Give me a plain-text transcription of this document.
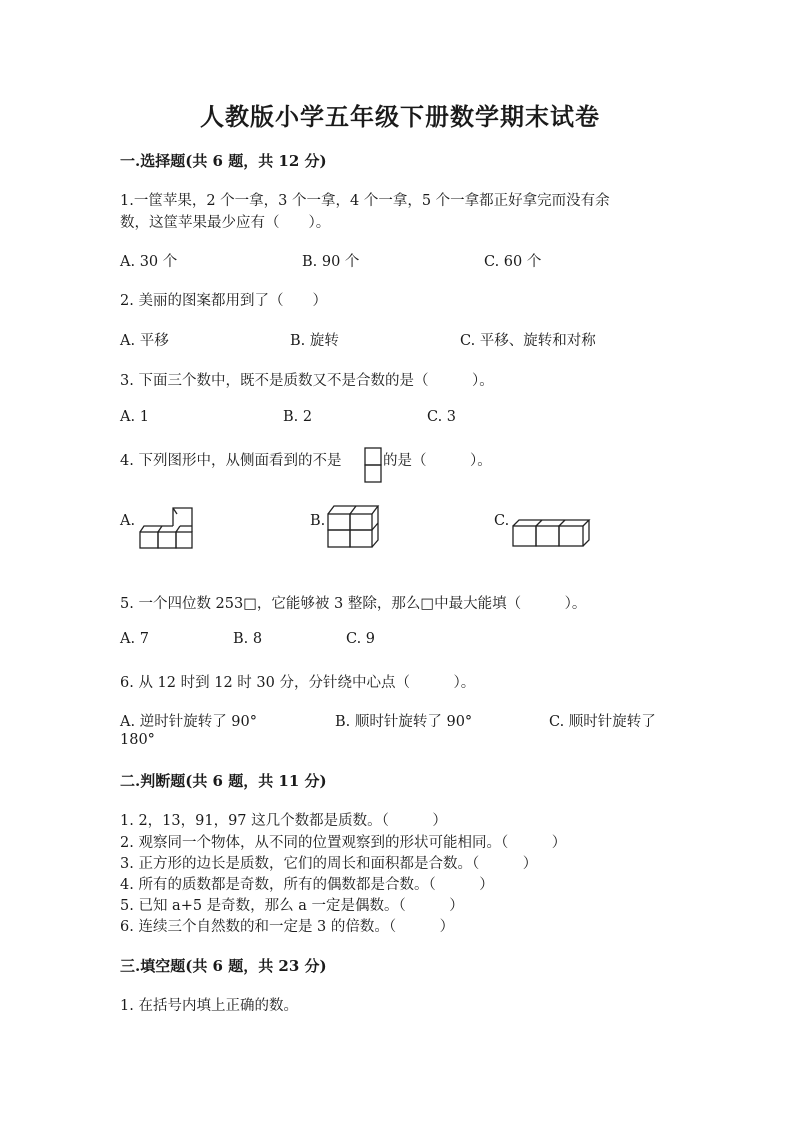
人教版小学五年级下册数学期末试卷
一.选择题(共 6 题，共 12 分)
1.一筐苹果，2 个一拿，3 个一拿，4 个一拿，5 个一拿都正好拿完而没有余
数，这筐苹果最少应有（　　）。
A. 30 个	B. 90 个	C. 60 个
2. 美丽的图案都用到了（　　）
A. 平移	B. 旋转	C. 平移、旋转和对称
3. 下面三个数中，既不是质数又不是合数的是（　　　）。
A. 1	B. 2	C. 3
4. 下列图形中，从侧面看到的不是	的是（　　　）。
A.	B.	C.
5. 一个四位数 253□，它能够被 3 整除，那么□中最大能填（　　　）。
A. 7	B. 8	C. 9
6. 从 12 时到 12 时 30 分，分针绕中心点（　　　）。
A. 逆时针旋转了 90°	B. 顺时针旋转了 90°	C. 顺时针旋转了
180°
二.判断题(共 6 题，共 11 分)
1. 2，13，91，97 这几个数都是质数。（　　　）
2. 观察同一个物体，从不同的位置观察到的形状可能相同。（　　　）
3. 正方形的边长是质数，它们的周长和面积都是合数。（　　　）
4. 所有的质数都是奇数，所有的偶数都是合数。（　　　）
5. 已知 a+5 是奇数，那么 a 一定是偶数。（　　　）
6. 连续三个自然数的和一定是 3 的倍数。（　　　）
三.填空题(共 6 题，共 23 分)
1. 在括号内填上正确的数。
